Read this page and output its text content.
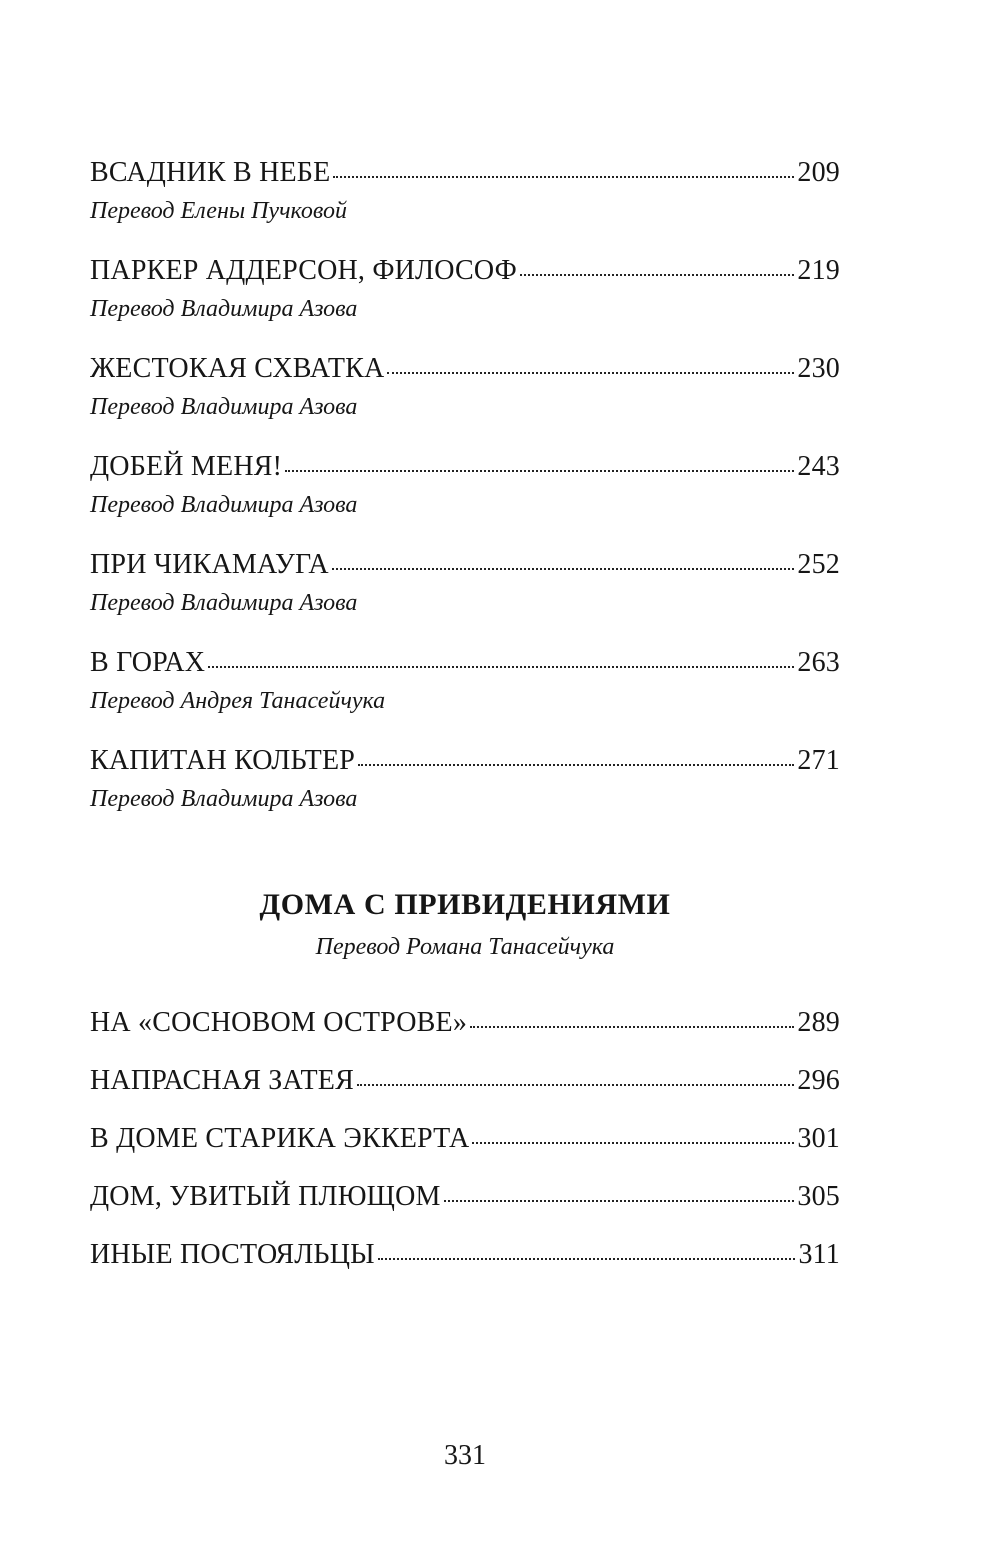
ВСАДНИК В НЕБЕ	209
Перевод Елены Пучковой
ПАРКЕР АДДЕРСОН, ФИЛОСОФ	219
Перевод Владимира Азова
ЖЕСТОКАЯ СХВАТКА	230
Перевод Владимира Азова
ДОБЕЙ МЕНЯ!	243
Перевод Владимира Азова
ПРИ ЧИКАМАУГА	252
Перевод Владимира Азова
В ГОРАХ	263
Перевод Андрея Танасейчука
КАПИТАН КОЛЬТЕР	271
Перевод Владимира Азова
ДОМА С ПРИВИДЕНИЯМИ
Перевод Романа Танасейчука
НА «СОСНОВОМ ОСТРОВЕ»	289
НАПРАСНАЯ ЗАТЕЯ	296
В ДОМЕ СТАРИКА ЭККЕРТА	301
ДОМ, УВИТЫЙ ПЛЮЩОМ	305
ИНЫЕ ПОСТОЯЛЬЦЫ	311
331
